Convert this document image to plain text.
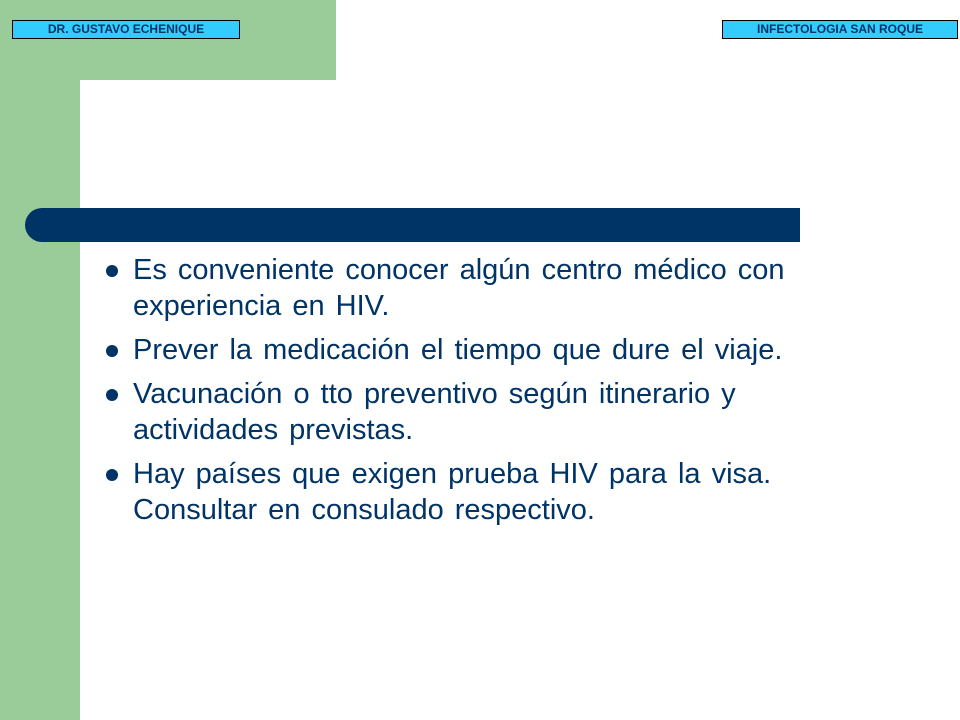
DR. GUSTAVO ECHENIQUE	INFECTOLOGIA SAN ROQUE
Es conveniente conocer algún centro médico con experiencia en HIV.
Prever la medicación el tiempo que dure el viaje.
Vacunación o tto preventivo según itinerario y actividades previstas.
Hay países que exigen prueba HIV para la visa. Consultar en consulado respectivo.
